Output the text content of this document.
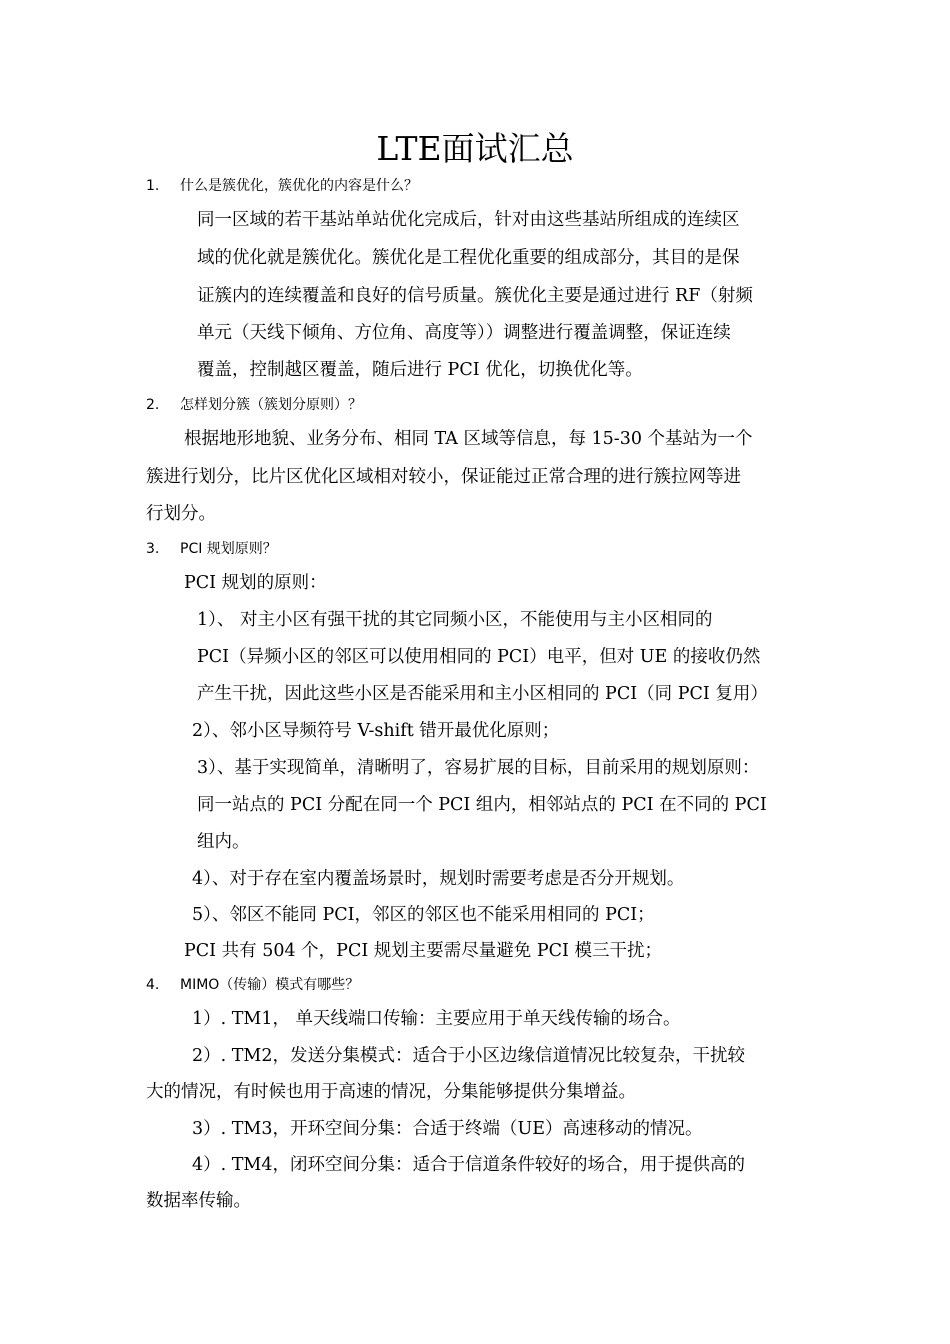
LTE面试汇总
1. 什么是簇优化，簇优化的内容是什么？
同一区域的若干基站单站优化完成后，针对由这些基站所组成的连续区
域的优化就是簇优化。簇优化是工程优化重要的组成部分，其目的是保
证簇内的连续覆盖和良好的信号质量。簇优化主要是通过进行 RF（射频
单元（天线下倾角、方位角、高度等））调整进行覆盖调整，保证连续
覆盖，控制越区覆盖，随后进行 PCI 优化，切换优化等。
2. 怎样划分簇（簇划分原则）？
根据地形地貌、业务分布、相同 TA 区域等信息，每 15-30 个基站为一个
簇进行划分，比片区优化区域相对较小，保证能过正常合理的进行簇拉网等进
行划分。
3. PCI 规划原则？
PCI 规划的原则：
1）、 对主小区有强干扰的其它同频小区，不能使用与主小区相同的
PCI（异频小区的邻区可以使用相同的 PCI）电平，但对 UE 的接收仍然
产生干扰，因此这些小区是否能采用和主小区相同的 PCI（同 PCI 复用）
2）、邻小区导频符号 V-shift 错开最优化原则；
3）、基于实现简单，清晰明了，容易扩展的目标，目前采用的规划原则：
同一站点的 PCI 分配在同一个 PCI 组内，相邻站点的 PCI 在不同的 PCI
组内。
4）、对于存在室内覆盖场景时，规划时需要考虑是否分开规划。
5）、邻区不能同 PCI，邻区的邻区也不能采用相同的 PCI；
PCI 共有 504 个，PCI 规划主要需尽量避免 PCI 模三干扰；
4. MIMO（传输）模式有哪些？
1）. TM1， 单天线端口传输：主要应用于单天线传输的场合。
2）. TM2，发送分集模式：适合于小区边缘信道情况比较复杂，干扰较
大的情况，有时候也用于高速的情况，分集能够提供分集增益。
3）. TM3，开环空间分集：合适于终端（UE）高速移动的情况。
4）. TM4，闭环空间分集：适合于信道条件较好的场合，用于提供高的
数据率传输。
